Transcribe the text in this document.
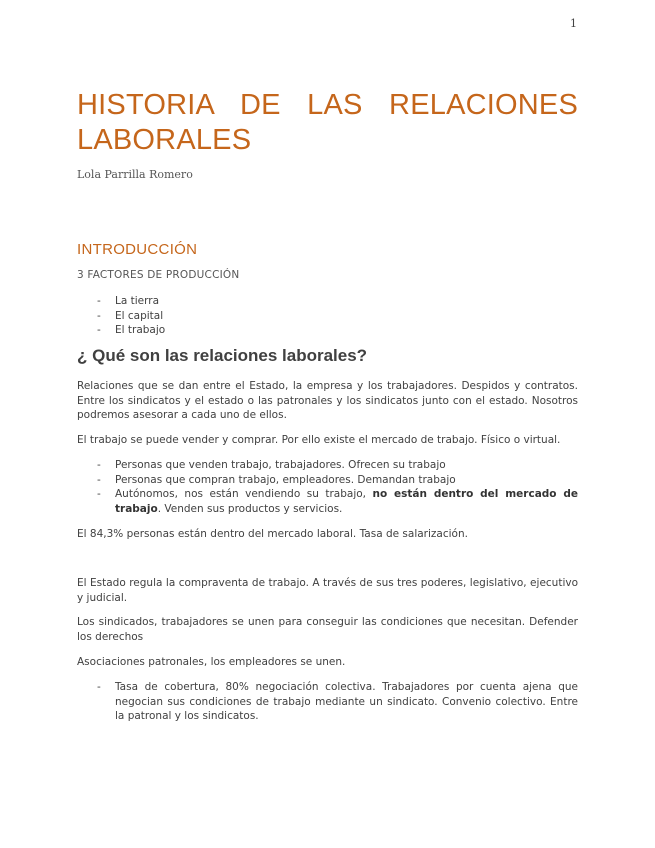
1
HISTORIA DE LAS RELACIONES LABORALES
Lola Parrilla Romero
INTRODUCCIÓN
3 FACTORES DE PRODUCCIÓN
- La tierra
- El capital
- El trabajo
¿ Qué son las relaciones laborales?

Relaciones que se dan entre el Estado, la empresa y los trabajadores. Despidos y contratos. Entre los sindicatos y el estado o las patronales y los sindicatos junto con el estado. Nosotros podremos asesorar a cada uno de ellos.

El trabajo se puede vender y comprar. Por ello existe el mercado de trabajo. Físico o virtual.

- Personas que venden trabajo, trabajadores. Ofrecen su trabajo
- Personas que compran trabajo, empleadores. Demandan trabajo
- Autónomos, nos están vendiendo su trabajo, no están dentro del mercado de trabajo. Venden sus productos y servicios.

El 84,3% personas están dentro del mercado laboral. Tasa de salarización.

El Estado regula la compraventa de trabajo. A través de sus tres poderes, legislativo, ejecutivo y judicial.

Los sindicados, trabajadores se unen para conseguir las condiciones que necesitan. Defender los derechos

Asociaciones patronales, los empleadores se unen.

- Tasa de cobertura, 80% negociación colectiva. Trabajadores por cuenta ajena que negocian sus condiciones de trabajo mediante un sindicato. Convenio colectivo. Entre la patronal y los sindicatos.
